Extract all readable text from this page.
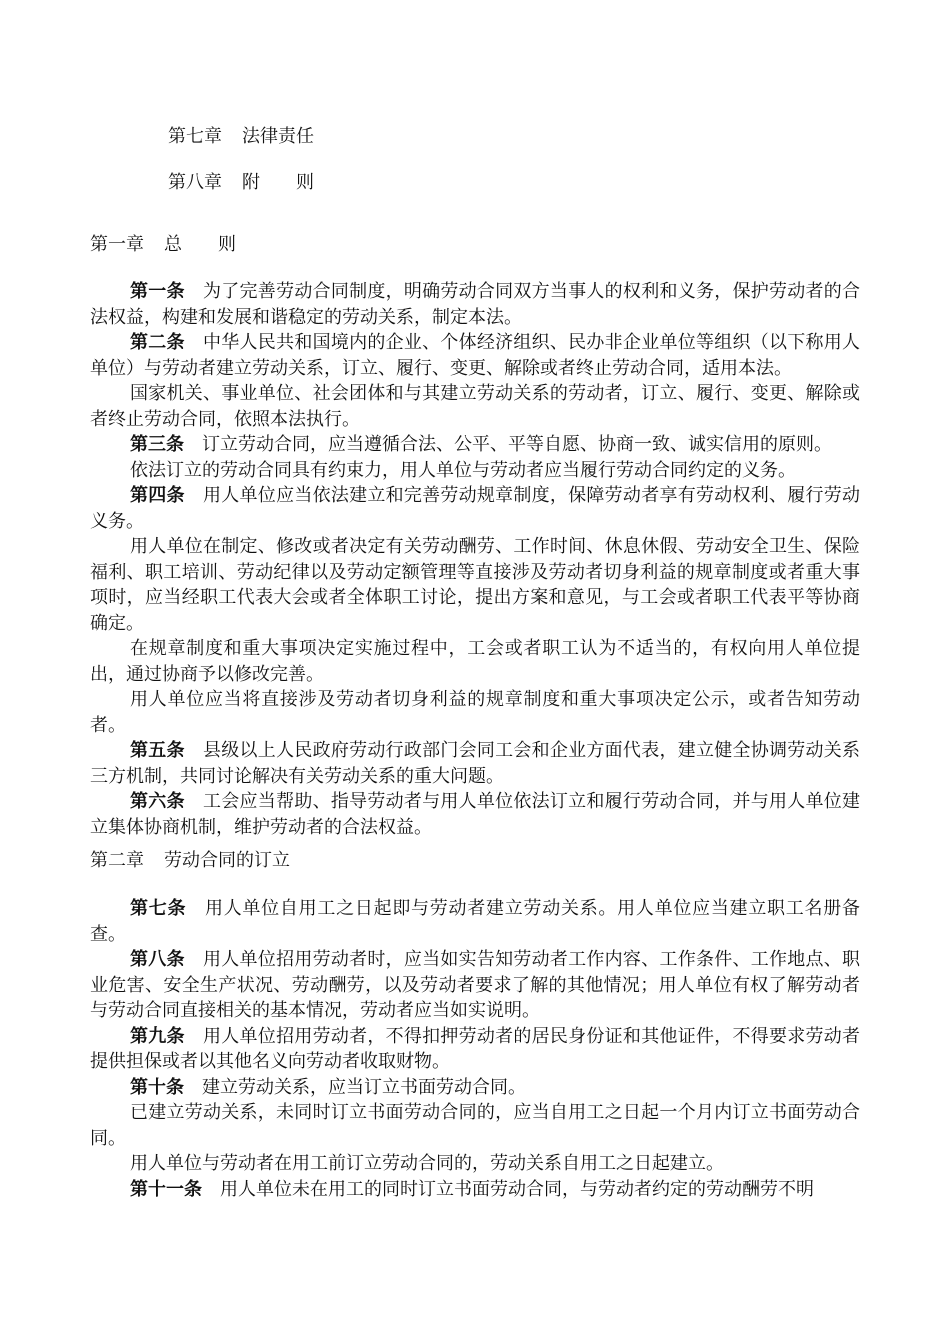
第七章 法律责任
第八章 附 则
第一章 总 则

第一条 为了完善劳动合同制度，明确劳动合同双方当事人的权利和义务，保护劳动者的合法权益，构建和发展和谐稳定的劳动关系，制定本法。

第二条 中华人民共和国境内的企业、个体经济组织、民办非企业单位等组织（以下称用人单位）与劳动者建立劳动关系，订立、履行、变更、解除或者终止劳动合同，适用本法。

国家机关、事业单位、社会团体和与其建立劳动关系的劳动者，订立、履行、变更、解除或者终止劳动合同，依照本法执行。

第三条 订立劳动合同，应当遵循合法、公平、平等自愿、协商一致、诚实信用的原则。

依法订立的劳动合同具有约束力，用人单位与劳动者应当履行劳动合同约定的义务。

第四条 用人单位应当依法建立和完善劳动规章制度，保障劳动者享有劳动权利、履行劳动义务。

用人单位在制定、修改或者决定有关劳动酬劳、工作时间、休息休假、劳动安全卫生、保险福利、职工培训、劳动纪律以及劳动定额管理等直接涉及劳动者切身利益的规章制度或者重大事项时，应当经职工代表大会或者全体职工讨论，提出方案和意见，与工会或者职工代表平等协商确定。

在规章制度和重大事项决定实施过程中，工会或者职工认为不适当的，有权向用人单位提出，通过协商予以修改完善。

用人单位应当将直接涉及劳动者切身利益的规章制度和重大事项决定公示，或者告知劳动者。

第五条 县级以上人民政府劳动行政部门会同工会和企业方面代表，建立健全协调劳动关系三方机制，共同讨论解决有关劳动关系的重大问题。

第六条 工会应当帮助、指导劳动者与用人单位依法订立和履行劳动合同，并与用人单位建立集体协商机制，维护劳动者的合法权益。

第二章 劳动合同的订立

第七条 用人单位自用工之日起即与劳动者建立劳动关系。用人单位应当建立职工名册备查。

第八条 用人单位招用劳动者时，应当如实告知劳动者工作内容、工作条件、工作地点、职业危害、安全生产状况、劳动酬劳，以及劳动者要求了解的其他情况；用人单位有权了解劳动者与劳动合同直接相关的基本情况，劳动者应当如实说明。

第九条 用人单位招用劳动者，不得扣押劳动者的居民身份证和其他证件，不得要求劳动者提供担保或者以其他名义向劳动者收取财物。

第十条 建立劳动关系，应当订立书面劳动合同。

已建立劳动关系，未同时订立书面劳动合同的，应当自用工之日起一个月内订立书面劳动合同。

用人单位与劳动者在用工前订立劳动合同的，劳动关系自用工之日起建立。

第十一条 用人单位未在用工的同时订立书面劳动合同，与劳动者约定的劳动酬劳不明
